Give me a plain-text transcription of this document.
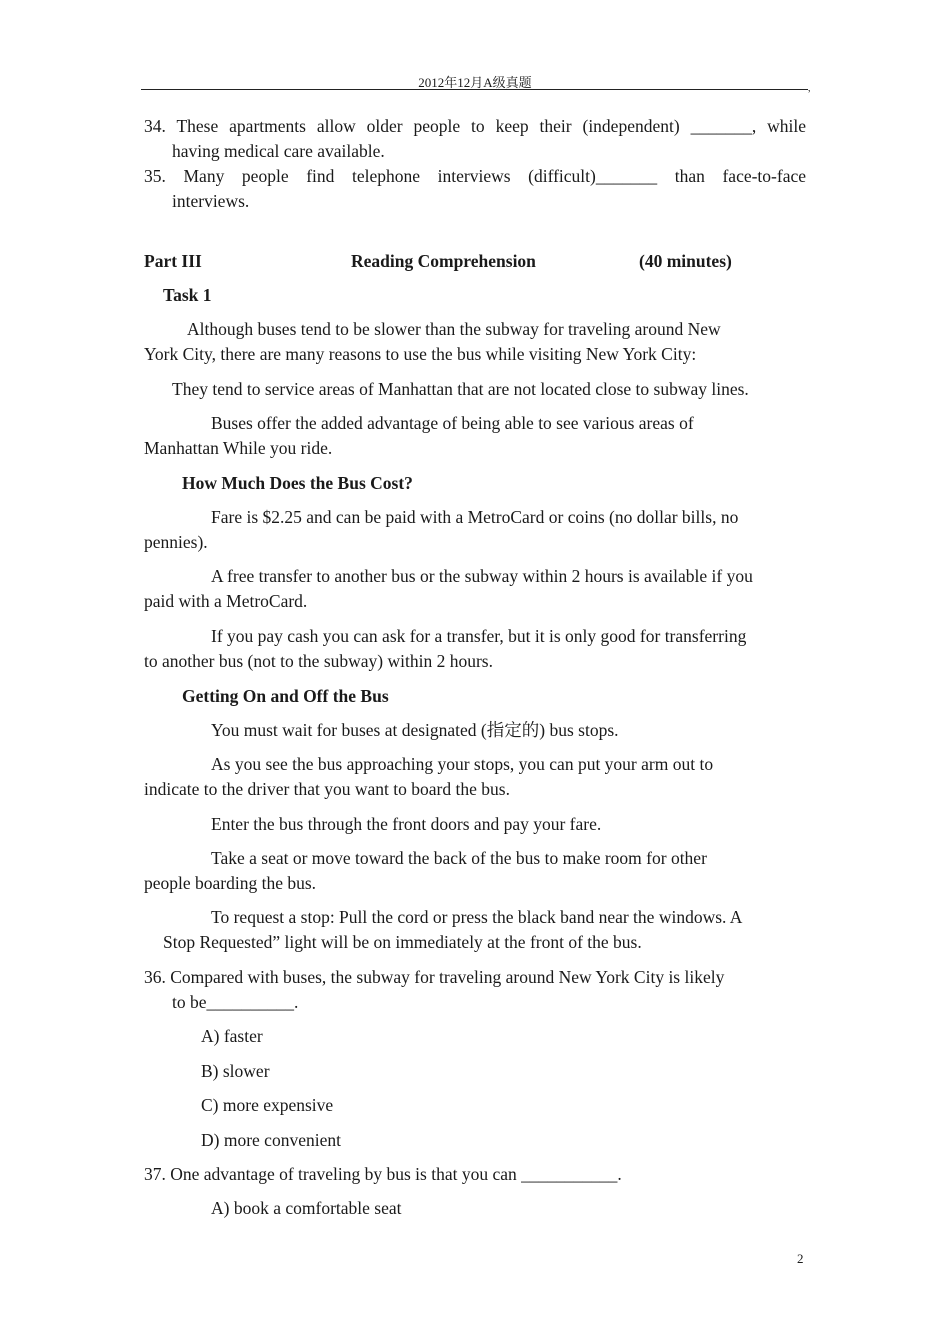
2012年12月A级真题	,
34. These apartments allow older people to keep their (independent) _______, while
having medical care available.
35. Many people find telephone interviews (difficult)_______ than face-to-face
interviews.
Part III	Reading Comprehension	(40 minutes)
Task 1
Although buses tend to be slower than the subway for traveling around New
York City, there are many reasons to use the bus while visiting New York City:
They tend to service areas of Manhattan that are not located close to subway lines.
Buses offer the added advantage of being able to see various areas of
Manhattan While you ride.
How Much Does the Bus Cost?
Fare is $2.25 and can be paid with a MetroCard or coins (no dollar bills, no
pennies).
A free transfer to another bus or the subway within 2 hours is available if you
paid with a MetroCard.
If you pay cash you can ask for a transfer, but it is only good for transferring
to another bus (not to the subway) within 2 hours.
Getting On and Off the Bus
You must wait for buses at designated (指定的) bus stops.
As you see the bus approaching your stops, you can put your arm out to
indicate to the driver that you want to board the bus.
Enter the bus through the front doors and pay your fare.
Take a seat or move toward the back of the bus to make room for other
people boarding the bus.
To request a stop: Pull the cord or press the black band near the windows. A
Stop Requested” light will be on immediately at the front of the bus.
36. Compared with buses, the subway for traveling around New York City is likely
to be__________.
A) faster
B) slower
C) more expensive
D) more convenient
37. One advantage of traveling by bus is that you can ___________.
A) book a comfortable seat
2
